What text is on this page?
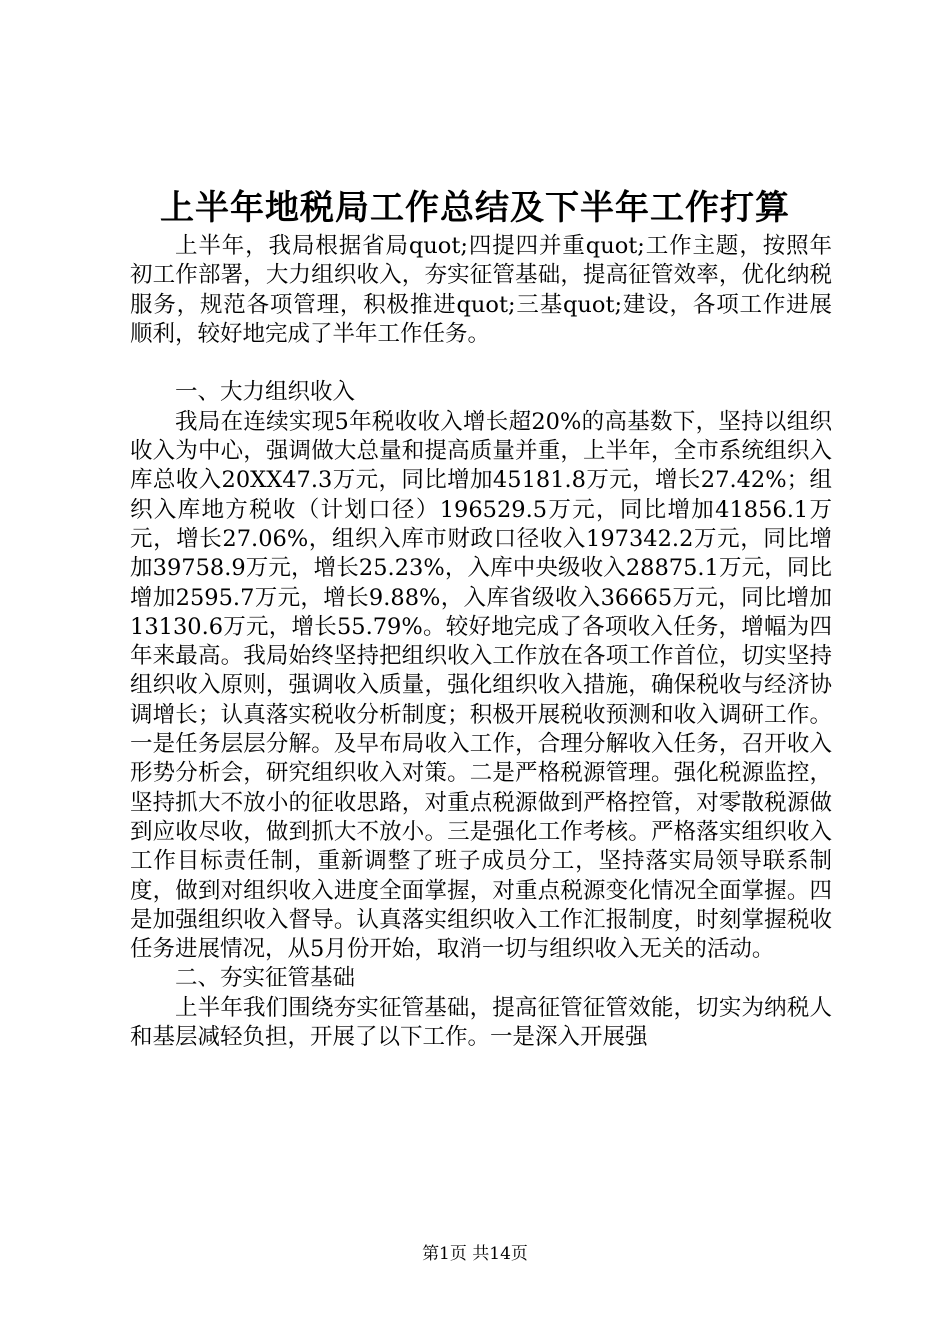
上半年地税局工作总结及下半年工作打算

上半年，我局根据省局quot;四提四并重quot;工作主题，按照年初工作部署，大力组织收入，夯实征管基础，提高征管效率，优化纳税服务，规范各项管理，积极推进quot;三基quot;建设，各项工作进展顺利，较好地完成了半年工作任务。

一、大力组织收入

我局在连续实现5年税收收入增长超20%的高基数下，坚持以组织收入为中心，强调做大总量和提高质量并重，上半年，全市系统组织入库总收入20XX47.3万元，同比增加45181.8万元，增长27.42%；组织入库地方税收（计划口径）196529.5万元，同比增加41856.1万元，增长27.06%，组织入库市财政口径收入197342.2万元，同比增加39758.9万元，增长25.23%，入库中央级收入28875.1万元，同比增加2595.7万元，增长9.88%，入库省级收入36665万元，同比增加13130.6万元，增长55.79%。较好地完成了各项收入任务，增幅为四年来最高。我局始终坚持把组织收入工作放在各项工作首位，切实坚持组织收入原则，强调收入质量，强化组织收入措施，确保税收与经济协调增长；认真落实税收分析制度；积极开展税收预测和收入调研工作。一是任务层层分解。及早布局收入工作，合理分解收入任务，召开收入形势分析会，研究组织收入对策。二是严格税源管理。强化税源监控，坚持抓大不放小的征收思路，对重点税源做到严格控管，对零散税源做到应收尽收，做到抓大不放小。三是强化工作考核。严格落实组织收入工作目标责任制，重新调整了班子成员分工，坚持落实局领导联系制度，做到对组织收入进度全面掌握，对重点税源变化情况全面掌握。四是加强组织收入督导。认真落实组织收入工作汇报制度，时刻掌握税收任务进展情况，从5月份开始，取消一切与组织收入无关的活动。

二、夯实征管基础

上半年我们围绕夯实征管基础，提高征管征管效能，切实为纳税人和基层减轻负担，开展了以下工作。一是深入开展强

第1页 共14页
